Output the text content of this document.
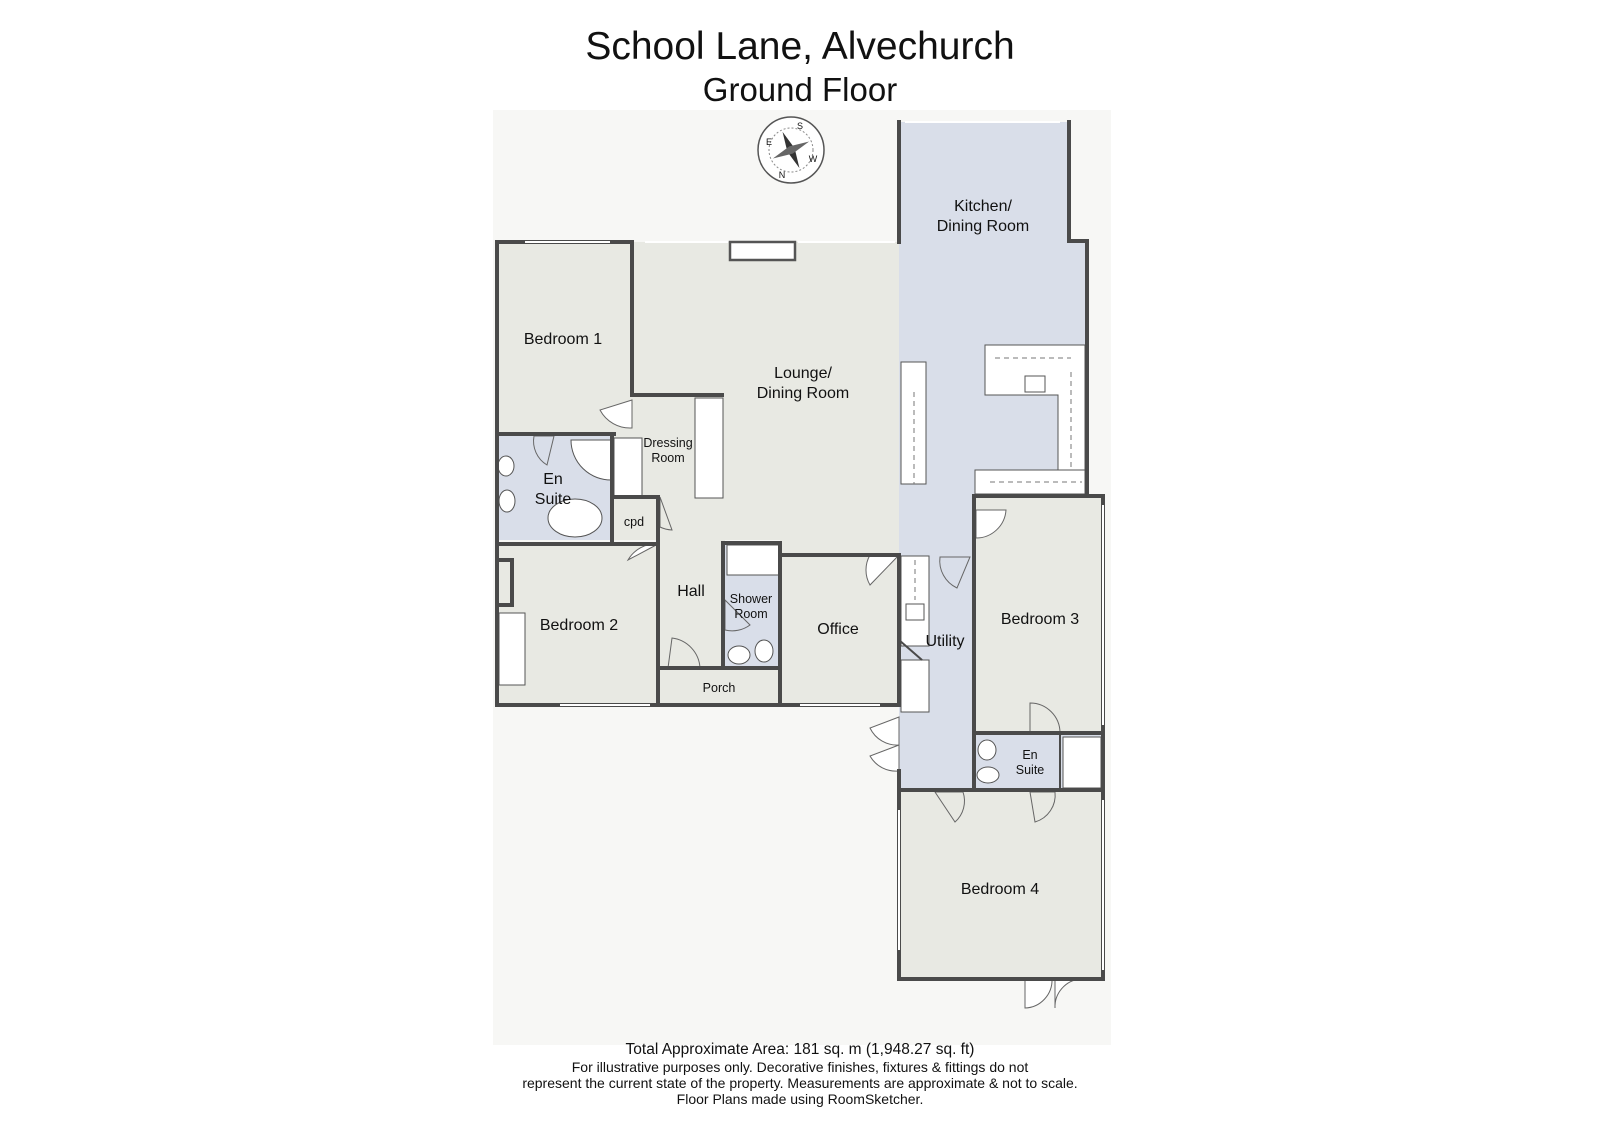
School Lane, Alvechurch
Ground Floor
S
E
N
W
Kitchen/
Dining Room
Lounge/
Dining Room
Bedroom 1
Dressing
Room
En
Suite
cpd
Hall Shower
Room
Office
Bedroom 2
Porch
Utility
Bedroom 3
En
Suite
Bedroom 4
Total Approximate Area: 181 sq. m (1,948.27 sq. ft)
For illustrative purposes only. Decorative finishes, fixtures & fittings do not
represent the current state of the property. Measurements are approximate & not to scale.
Floor Plans made using RoomSketcher.
